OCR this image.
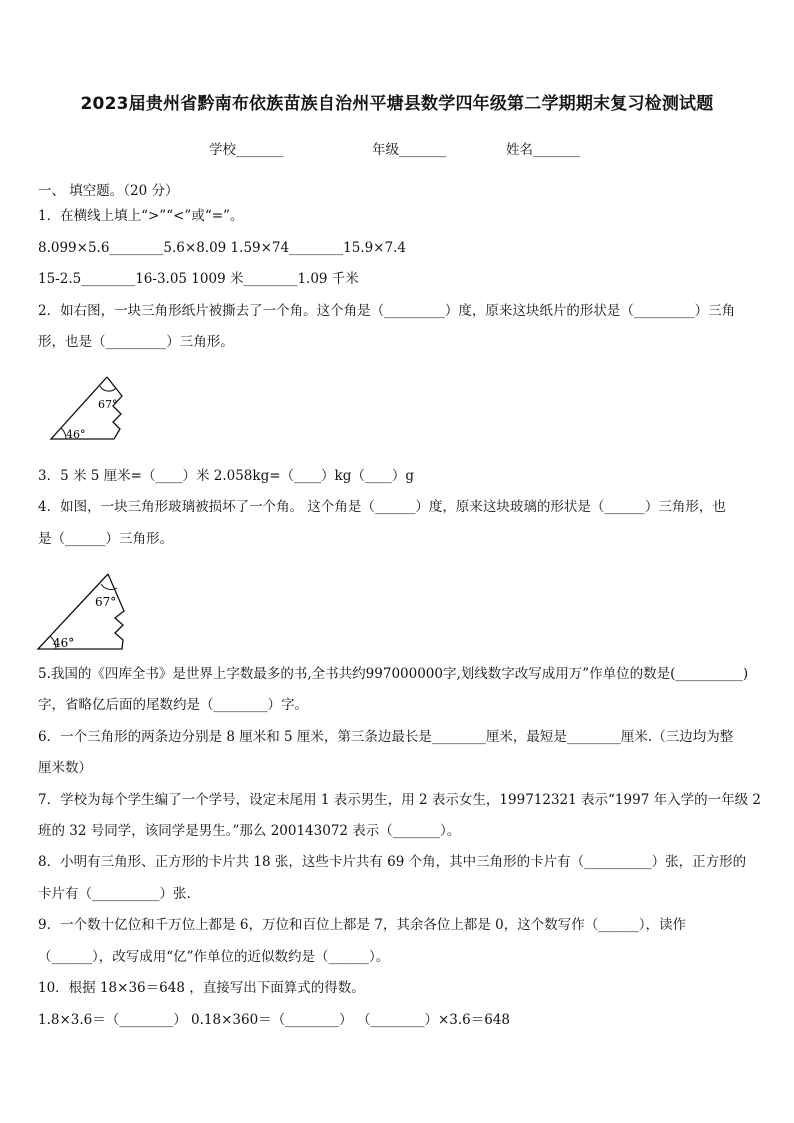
2023届贵州省黔南布依族苗族自治州平塘县数学四年级第二学期期末复习检测试题
学校_______	年级_______	姓名_______
一、 填空题。（20 分）
1．在横线上填上“>”“<”或“=”。
8.099×5.6________5.6×8.09 1.59×74________15.9×7.4
15-2.5________16-3.05 1009 米________1.09 千米
2．如右图，一块三角形纸片被撕去了一个角。这个角是（_________）度，原来这块纸片的形状是（_________）三角
形，也是（_________）三角形。
67°
46°
3．5 米 5 厘米=（____）米 2.058kg=（____）kg（____）g
4．如图，一块三角形玻璃被损坏了一个角。 这个角是（______）度，原来这块玻璃的形状是（______）三角形，也
是（______）三角形。
67°
46°
5.我国的《四库全书》是世界上字数最多的书,全书共约997000000字,划线数字改写成用万”作单位的数是(__________)
字，省略亿后面的尾数约是（________）字。
6．一个三角形的两条边分别是 8 厘米和 5 厘米，第三条边最长是________厘米，最短是________厘米.（三边均为整
厘米数）
7．学校为每个学生编了一个学号，设定末尾用 1 表示男生，用 2 表示女生，199712321 表示“1997 年入学的一年级 2
班的 32 号同学，该同学是男生。”那么 200143072 表示（_______）。
8．小明有三角形、正方形的卡片共 18 张，这些卡片共有 69 个角，其中三角形的卡片有（__________）张，正方形的
卡片有（__________）张.
9．一个数十亿位和千万位上都是 6，万位和百位上都是 7，其余各位上都是 0，这个数写作（______），读作
（______），改写成用“亿”作单位的近似数约是（______）。
10．根据 18×36＝648 ，直接写出下面算式的得数。
1.8×3.6＝（________） 0.18×360＝（________） （________）×3.6＝648
